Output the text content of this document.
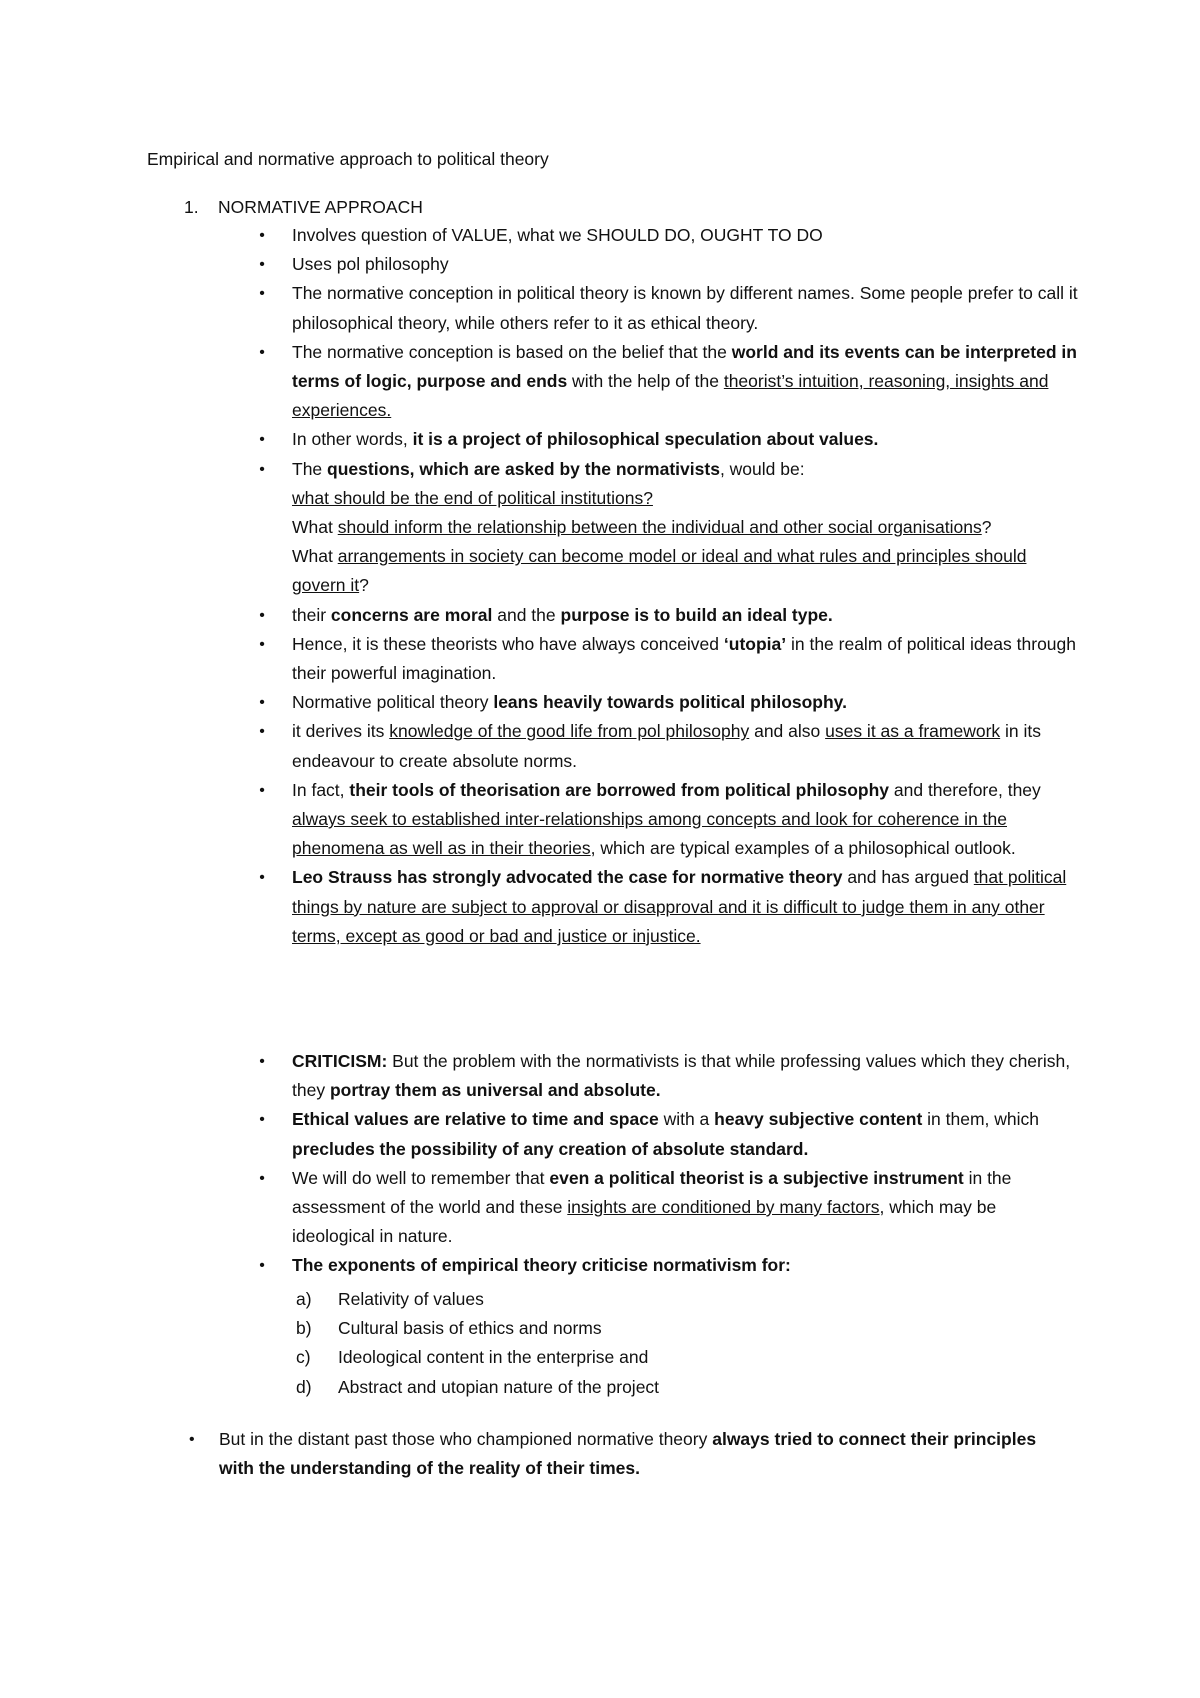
Empirical and normative approach to political theory
1. NORMATIVE APPROACH
•	Involves question of VALUE, what we SHOULD DO, OUGHT TO DO
•	Uses pol philosophy
•	The normative conception in political theory is known by different names. Some people prefer to call it philosophical theory, while others refer to it as ethical theory.
•	The normative conception is based on the belief that the world and its events can be interpreted in terms of logic, purpose and ends with the help of the theorist’s intuition, reasoning, insights and experiences.
•	In other words, it is a project of philosophical speculation about values.
•	The questions, which are asked by the normativists, would be:
what should be the end of political institutions?
What should inform the relationship between the individual and other social organisations?
What arrangements in society can become model or ideal and what rules and principles should govern it?
•	their concerns are moral and the purpose is to build an ideal type.
•	Hence, it is these theorists who have always conceived ‘utopia’ in the realm of political ideas through their powerful imagination.
•	Normative political theory leans heavily towards political philosophy.
•	it derives its knowledge of the good life from pol philosophy and also uses it as a framework in its endeavour to create absolute norms.
•	In fact, their tools of theorisation are borrowed from political philosophy and therefore, they always seek to established inter-relationships among concepts and look for coherence in the phenomena as well as in their theories, which are typical examples of a philosophical outlook.
•	Leo Strauss has strongly advocated the case for normative theory and has argued that political things by nature are subject to approval or disapproval and it is difficult to judge them in any other terms, except as good or bad and justice or injustice.
•	CRITICISM: But the problem with the normativists is that while professing values which they cherish, they portray them as universal and absolute.
•	Ethical values are relative to time and space with a heavy subjective content in them, which precludes the possibility of any creation of absolute standard.
•	We will do well to remember that even a political theorist is a subjective instrument in the assessment of the world and these insights are conditioned by many factors, which may be ideological in nature.
•	The exponents of empirical theory criticise normativism for:
a) Relativity of values
b) Cultural basis of ethics and norms
c) Ideological content in the enterprise and
d) Abstract and utopian nature of the project
• But in the distant past those who championed normative theory always tried to connect their principles with the understanding of the reality of their times.
